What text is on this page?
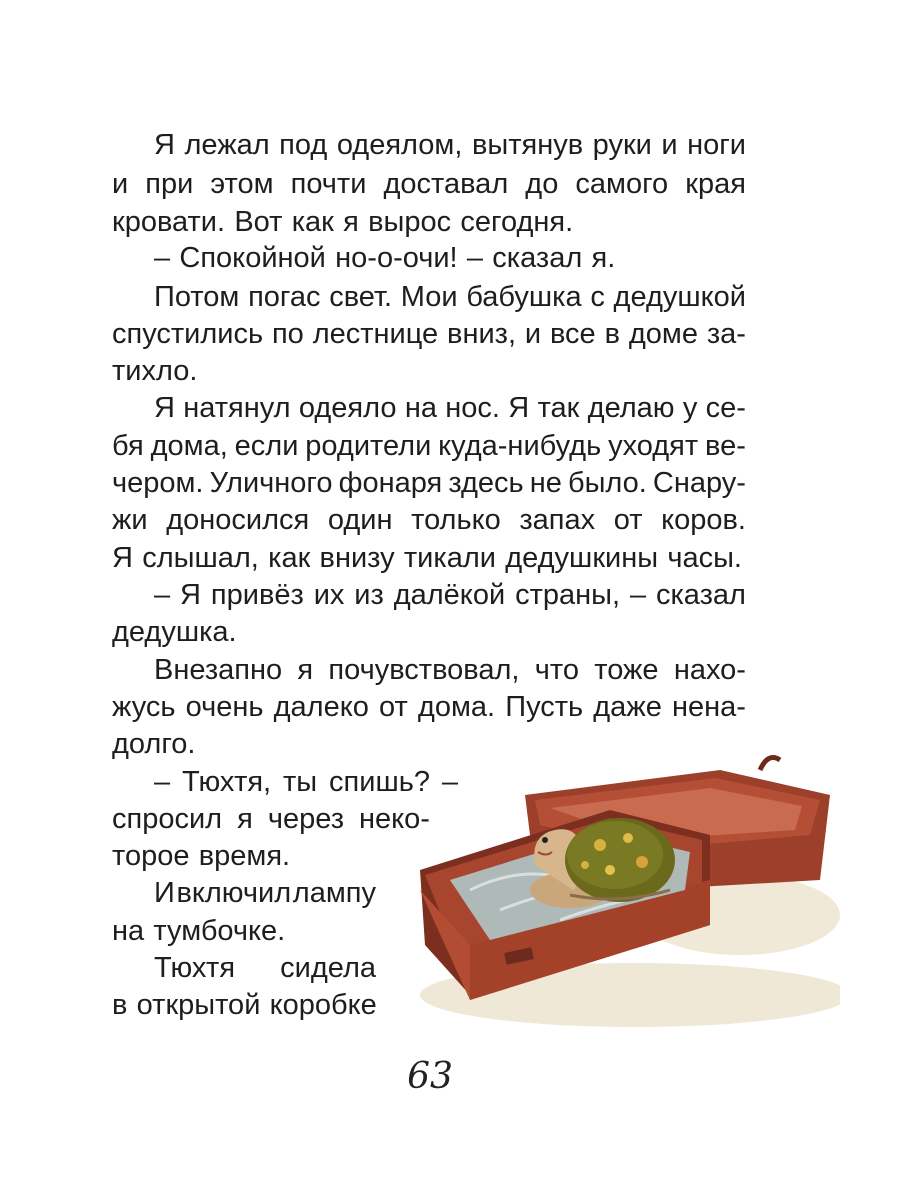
Я лежал под одеялом, вытянув руки и ноги
и при этом почти доставал до самого края
кровати. Вот как я вырос сегодня.
– Спокойной но-о-очи! – сказал я.
Потом погас свет. Мои бабушка с дедушкой
спустились по лестнице вниз, и все в доме за-
тихло.
Я натянул одеяло на нос. Я так делаю у се-
бя дома, если родители куда-нибудь уходят ве-
чером. Уличного фонаря здесь не было. Снару-
жи доносился один только запах от коров.
Я слышал, как внизу тикали дедушкины часы.
– Я привёз их из далёкой страны, – сказал
дедушка.
Внезапно я почувствовал, что тоже нахо-
жусь очень далеко от дома. Пусть даже нена-
долго.
– Тюхтя, ты спишь? –
спросил я через неко-
торое время.
И включил лампу
на тумбочке.
Тюхтя сидела
в открытой коробке
63
